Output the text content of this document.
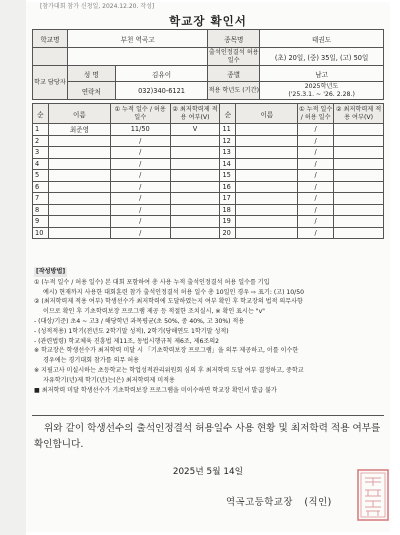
[참가대회 참가 신청일, 2024.12.20. 작성]
학교장 확인서
학교명	부천 역곡고		종목명	태권도
			출석인정결석 허용 일수	(초) 20일, (중) 35일, (고) 50일
학교 담당자	성 명	김유이	종별	남고
	연락처	032)340-6121	적용 학년도 (기간)	2025학년도
('25.3.1. ~ '26. 2.28.)
순	이름	① 누적 일수 / 허용 일수	② 최저학력제 적용 여부(V)	순	이름	① 누적 일수 / 허용 일수	② 최저학력제 적용 여부(V)
1	최준영	11/50	V	11		/	
2		/		12		/	
3		/		13		/	
4		/		14		/	
5		/		15		/	
6		/		16		/	
7		/		17		/	
8		/		18		/	
9		/		19		/	
10		/		20		/	
[작성방법]

① (누적 일수 / 허용 일수) 본 대회 포함하여 총 사용 누적 출석인정결석 허용 일수를 기입

예시) 현재까지 사용한 대회훈련 참가 출석인정결석 허용 일수 총 10일인 경우 ⇨ 표기: (고) 10/50

② (최저학력제 적용 여부) 학생선수가 최저학력에 도달하였는지 여부 확인 후 학교장의 법적 의무사항

이므로 확인 후 기초학력보장 프로그램 제공 등 적절한 조치실시, ※ 확인 표시는 "v"

- (대상/기준) 초4 ~ 고3 / 해당학년 과목평균(초 50%, 중 40%, 고 30%) 적용

- (성적적용) 1학기(전년도 2학기말 성적), 2학기(당해연도 1학기말 성적)

- (관련법령) 학교체육 진흥법 제11조, 동법시행규칙 제6조, 제6조의2

※ 학교장은 학생선수가 최저학력 미달 시 「기초학력보장 프로그램」을 의무 제공하고, 이를 이수한

경우에는 경기대회 참가를 의무 허용

※ 지필고사 미실시하는 초등학교는 학업성적관리위원회 심의 후 최저학력 도달 여부 결정하고, 중학교

자유학기(년)제 학기(년)는(은) 최저학력제 미적용

■ 최저학력 미달 학생선수가 기초학력보장 프로그램을 미이수하면 학교장 확인서 발급 불가

위와 같이 학생선수의 출석인정결석 허용일수 사용 현황 및 최저학력 적용 여부를 확인합니다.
2025년 5월 14일
역곡고등학교장 (직인)
